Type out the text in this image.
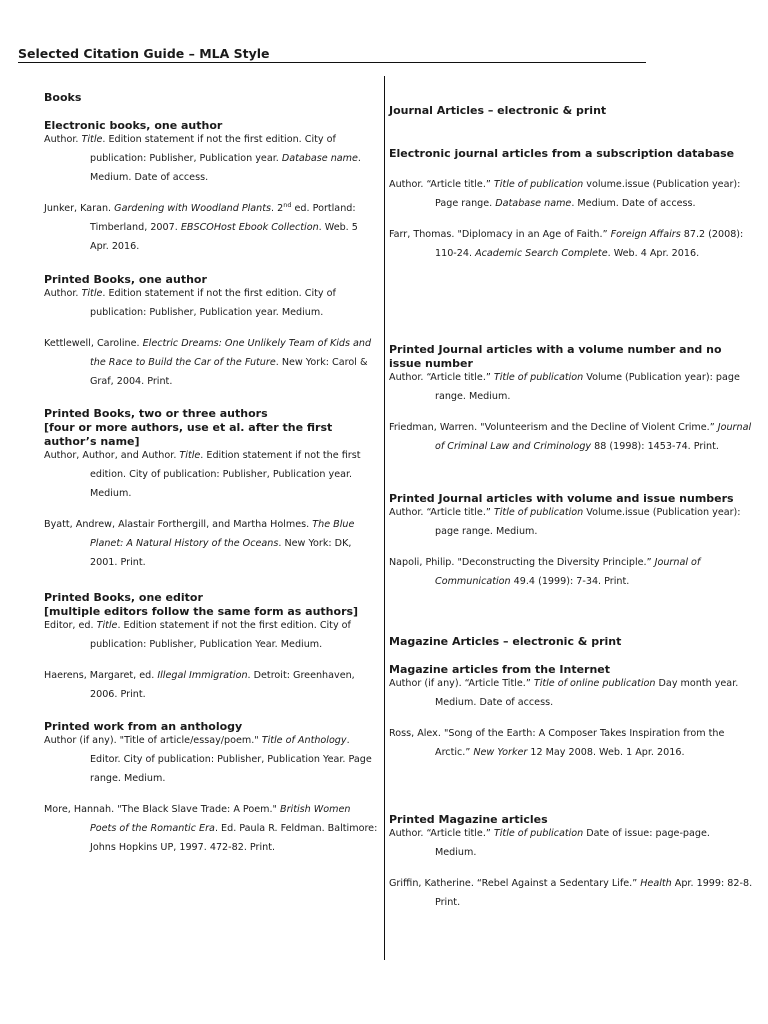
Selected Citation Guide – MLA Style
Books
Electronic books, one author
Author. Title. Edition statement if not the first edition. City of publication: Publisher, Publication year. Database name. Medium. Date of access.
Junker, Karan. Gardening with Woodland Plants. 2nd ed. Portland: Timberland, 2007. EBSCOHost Ebook Collection. Web. 5 Apr. 2016.
Printed Books, one author
Author. Title. Edition statement if not the first edition. City of publication: Publisher, Publication year. Medium.
Kettlewell, Caroline. Electric Dreams: One Unlikely Team of Kids and the Race to Build the Car of the Future. New York: Carol & Graf, 2004. Print.
Printed Books, two or three authors
[four or more authors, use et al. after the first
author’s name]
Author, Author, and Author. Title. Edition statement if not the first edition. City of publication: Publisher, Publication year. Medium.
Byatt, Andrew, Alastair Forthergill, and Martha Holmes. The Blue Planet: A Natural History of the Oceans. New York: DK, 2001. Print.
Printed Books, one editor
[multiple editors follow the same form as authors]
Editor, ed. Title. Edition statement if not the first edition. City of publication: Publisher, Publication Year. Medium.
Haerens, Margaret, ed. Illegal Immigration. Detroit: Greenhaven, 2006. Print.
Printed work from an anthology
Author (if any). "Title of article/essay/poem." Title of Anthology. Editor. City of publication: Publisher, Publication Year. Page range. Medium.
More, Hannah. "The Black Slave Trade: A Poem." British Women Poets of the Romantic Era. Ed. Paula R. Feldman. Baltimore: Johns Hopkins UP, 1997. 472-82. Print.
Journal Articles – electronic & print
Electronic journal articles from a subscription database
Author. “Article title.” Title of publication volume.issue (Publication year): Page range. Database name. Medium. Date of access.
Farr, Thomas. "Diplomacy in an Age of Faith.” Foreign Affairs 87.2 (2008): 110-24. Academic Search Complete. Web. 4 Apr. 2016.
Printed Journal articles with a volume number and no issue number
Author. “Article title.” Title of publication Volume (Publication year): page range. Medium.
Friedman, Warren. "Volunteerism and the Decline of Violent Crime.” Journal of Criminal Law and Criminology 88 (1998): 1453-74. Print.
Printed Journal articles with volume and issue numbers
Author. “Article title.” Title of publication Volume.issue (Publication year): page range. Medium.
Napoli, Philip. "Deconstructing the Diversity Principle.” Journal of Communication 49.4 (1999): 7-34. Print.
Magazine Articles – electronic & print
Magazine articles from the Internet
Author (if any). “Article Title.” Title of online publication Day month year. Medium. Date of access.
Ross, Alex. "Song of the Earth: A Composer Takes Inspiration from the Arctic.” New Yorker 12 May 2008. Web. 1 Apr. 2016.
Printed Magazine articles
Author. “Article title.” Title of publication Date of issue: page-page. Medium.
Griffin, Katherine. “Rebel Against a Sedentary Life.” Health Apr. 1999: 82-8. Print.
